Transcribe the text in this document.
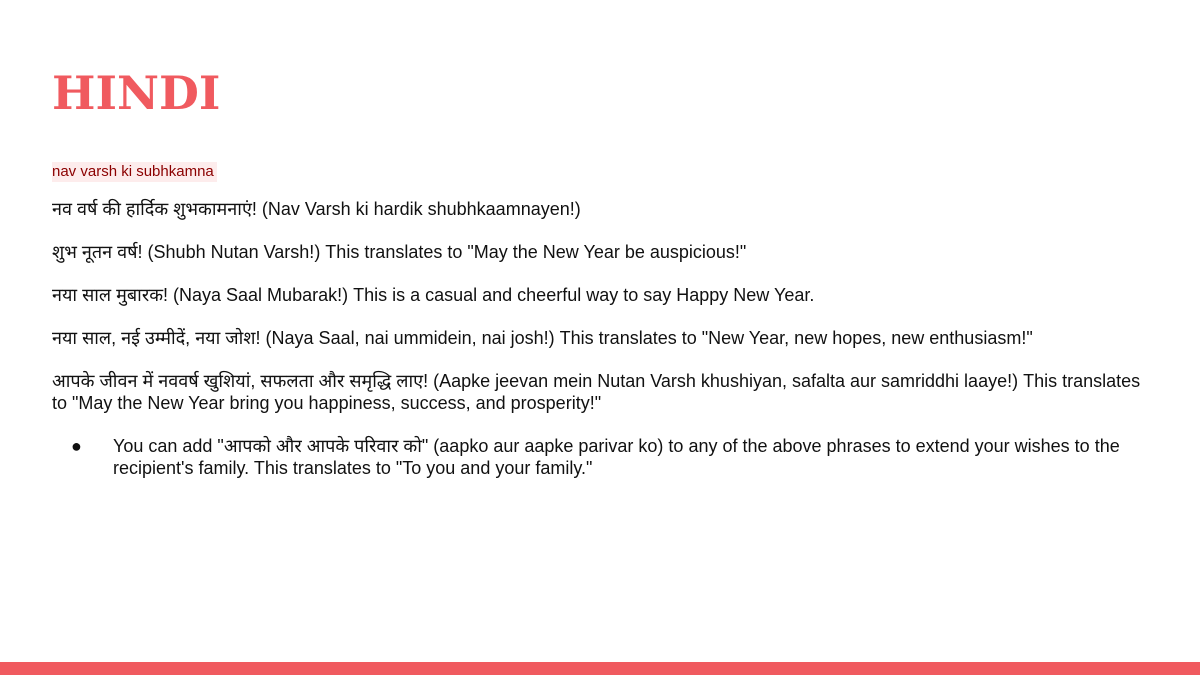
HINDI
nav varsh ki subhkamna

नव वर्ष की हार्दिक शुभकामनाएं! (Nav Varsh ki hardik shubhkaamnayen!)

शुभ नूतन वर्ष! (Shubh Nutan Varsh!) This translates to "May the New Year be auspicious!"

नया साल मुबारक! (Naya Saal Mubarak!) This is a casual and cheerful way to say Happy New Year.

नया साल, नई उम्मीदें, नया जोश! (Naya Saal, nai ummidein, nai josh!) This translates to "New Year, new hopes, new enthusiasm!"

आपके जीवन में नववर्ष खुशियां, सफलता और समृद्धि लाए! (Aapke jeevan mein Nutan Varsh khushiyan, safalta aur samriddhi laaye!) This translates to "May the New Year bring you happiness, success, and prosperity!"

● You can add "आपको और आपके परिवार को" (aapko aur aapke parivar ko) to any of the above phrases to extend your wishes to the recipient's family. This translates to "To you and your family."
